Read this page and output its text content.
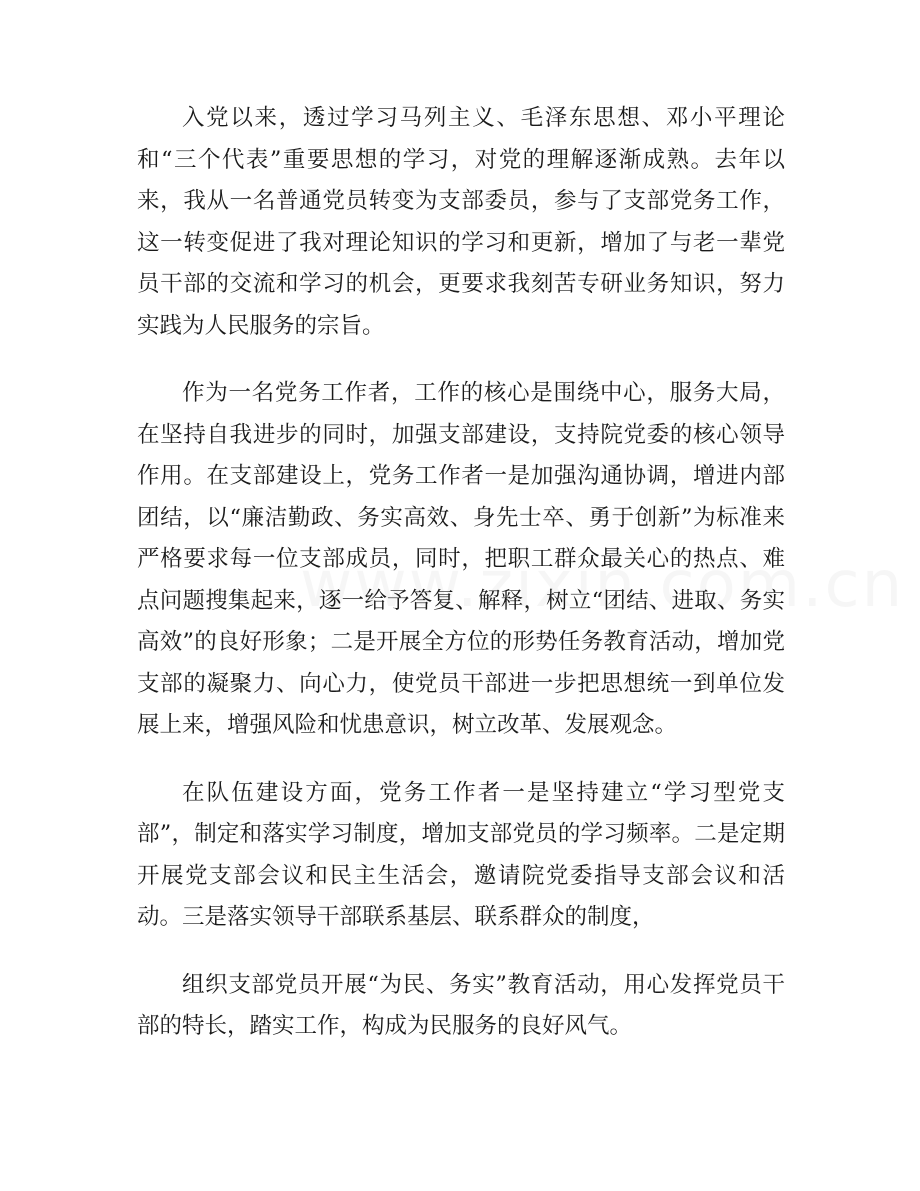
入党以来，透过学习马列主义、毛泽东思想、邓小平理论和“三个代表”重要思想的学习，对党的理解逐渐成熟。去年以来，我从一名普通党员转变为支部委员，参与了支部党务工作，这一转变促进了我对理论知识的学习和更新，增加了与老一辈党员干部的交流和学习的机会，更要求我刻苦专研业务知识，努力实践为人民服务的宗旨。

作为一名党务工作者，工作的核心是围绕中心，服务大局，在坚持自我进步的同时，加强支部建设，支持院党委的核心领导作用。在支部建设上，党务工作者一是加强沟通协调，增进内部团结，以“廉洁勤政、务实高效、身先士卒、勇于创新”为标准来严格要求每一位支部成员，同时，把职工群众最关心的热点、难点问题搜集起来，逐一给予答复、解释，树立“团结、进取、务实高效”的良好形象；二是开展全方位的形势任务教育活动，增加党支部的凝聚力、向心力，使党员干部进一步把思想统一到单位发展上来，增强风险和忧患意识，树立改革、发展观念。

在队伍建设方面，党务工作者一是坚持建立“学习型党支部”，制定和落实学习制度，增加支部党员的学习频率。二是定期开展党支部会议和民主生活会，邀请院党委指导支部会议和活动。三是落实领导干部联系基层、联系群众的制度，

组织支部党员开展“为民、务实”教育活动，用心发挥党员干部的特长，踏实工作，构成为民服务的良好风气。
